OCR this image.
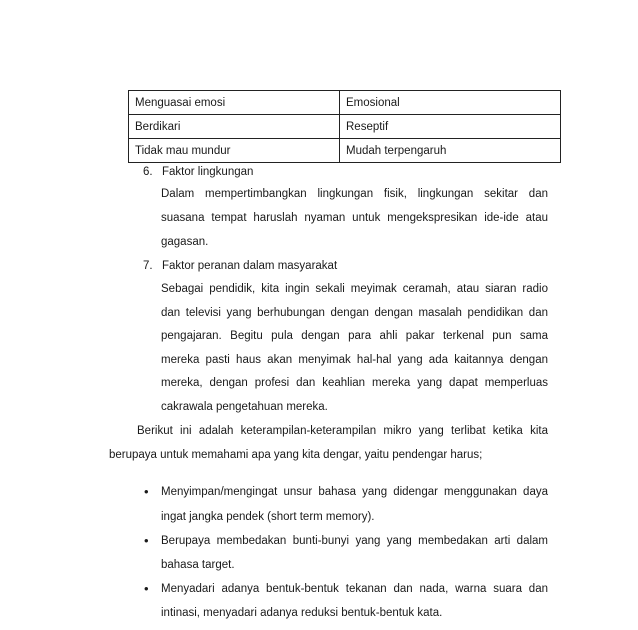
Menguasai emosi	Emosional
Berdikari	Reseptif
Tidak mau mundur	Mudah terpengaruh
6. Faktor lingkungan
Dalam mempertimbangkan lingkungan fisik, lingkungan sekitar dan
suasana tempat haruslah nyaman untuk mengekspresikan ide-ide atau
gagasan.
7. Faktor peranan dalam masyarakat
Sebagai pendidik, kita ingin sekali meyimak ceramah, atau siaran radio
dan televisi yang berhubungan dengan dengan masalah pendidikan dan
pengajaran. Begitu pula dengan para ahli pakar terkenal pun sama
mereka pasti haus akan menyimak hal-hal yang ada kaitannya dengan
mereka, dengan profesi dan keahlian mereka yang dapat memperluas
cakrawala pengetahuan mereka.
Berikut ini adalah keterampilan-keterampilan mikro yang terlibat ketika kita
berupaya untuk memahami apa yang kita dengar, yaitu pendengar harus;
• Menyimpan/mengingat unsur bahasa yang didengar menggunakan daya
ingat jangka pendek (short term memory).
• Berupaya membedakan bunti-bunyi yang yang membedakan arti dalam
bahasa target.
• Menyadari adanya bentuk-bentuk tekanan dan nada, warna suara dan
intinasi, menyadari adanya reduksi bentuk-bentuk kata.
